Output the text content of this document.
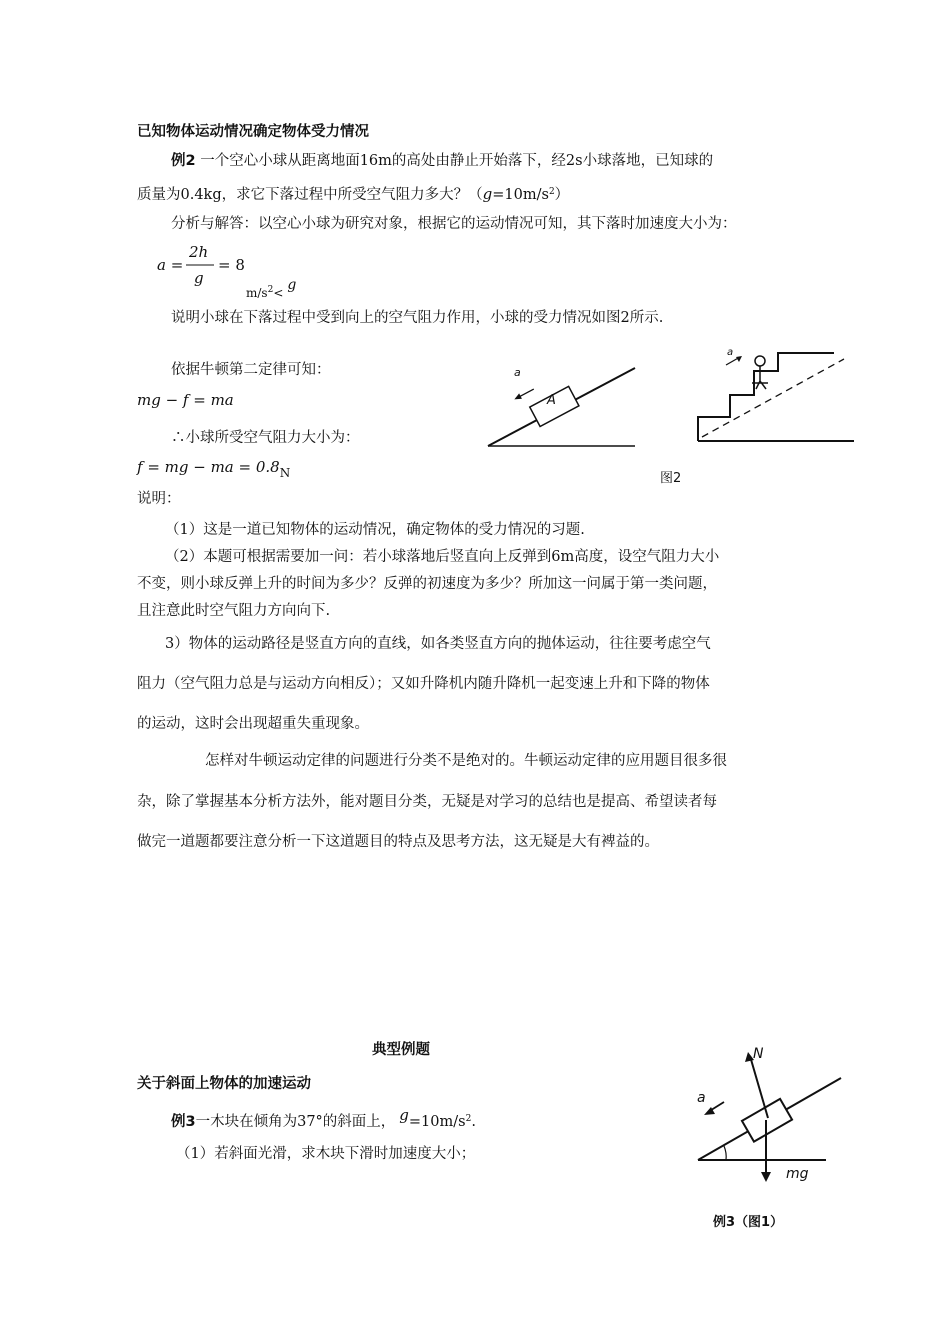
已知物体运动情况确定物体受力情况
例2 一个空心小球从距离地面16m的高处由静止开始落下，经2s小球落地，已知球的
质量为0.4kg，求它下落过程中所受空气阻力多大？$(g=10m/s^2)$
分析与解答：以空心小球为研究对象，根据它的运动情况可知，其下落时加速度大小为：
a =
2h
g
= 8
$m/s^2< g$
说明小球在下落过程中受到向上的空气阻力作用，小球的受力情况如图2所示.
依据牛顿第二定律可知：
mg − f = ma
∴小球所受空气阻力大小为：
f = mg − ma = $0.8_N$
说明：
（1）这是一道已知物体的运动情况，确定物体的受力情况的习题.
（2）本题可根据需要加一问：若小球落地后竖直向上反弹到6m高度，设空气阻力大小
不变，则小球反弹上升的时间为多少？反弹的初速度为多少？所加这一问属于第一类问题，
且注意此时空气阻力方向向下.
3）物体的运动路径是竖直方向的直线，如各类竖直方向的抛体运动，往往要考虑空气
阻力（空气阻力总是与运动方向相反）；又如升降机内随升降机一起变速上升和下降的物体
的运动，这时会出现超重失重现象。
怎样对牛顿运动定律的问题进行分类不是绝对的。牛顿运动定律的应用题目很多很
杂，除了掌握基本分析方法外，能对题目分类，无疑是对学习的总结也是提高、希望读者每
做完一道题都要注意分析一下这道题目的特点及思考方法，这无疑是大有裨益的。
A
a
a
图2
典型例题
关于斜面上物体的加速运动
例3一木块在倾角为37°的斜面上， $g=10m/s^2$.
（1）若斜面光滑，求木块下滑时加速度大小；
N
a
mg
例3（图1）
